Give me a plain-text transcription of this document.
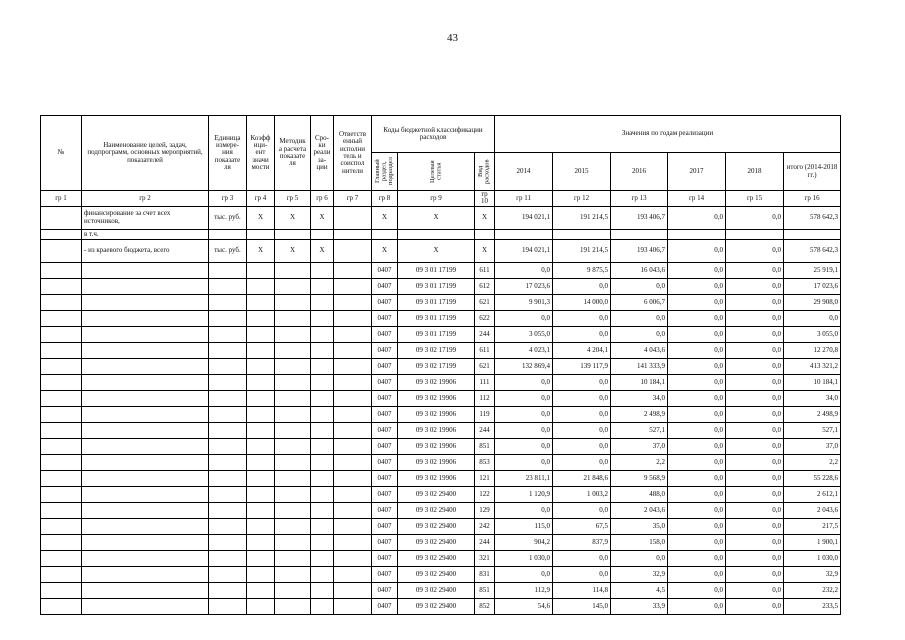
43
№	Наименование целей, задач, подпрограмм, основных мероприятий, показателей	Единица измере-ния показате ля	Коэфф ици-ент значи мости	Методик а расчета показате ля	Сро-ки реали за-ции	Ответств енный исполни тель и соиспол нители	Коды бюджетной классификации расходов			Значения по годам реализации					

							Главный раздел, подраздел	Целевая статья	Вид расходов	2014	2015	2016	2017	2018	итого (2014-2018 гг.)
гр 1	гр 2	гр 3	гр 4	гр 5	гр 6	гр 7	гр 8	гр 9	гр 10	гр 11	гр 12	гр 13	гр 14	гр 15	гр 16
	финансирование за счет всех источников,	тыс. руб.	Х	Х	Х		Х	Х	Х	194 021,1	191 214,5	193 406,7	0,0	0,0	578 642,3
	в т.ч.														
	- из краевого бюджета, всего	тыс. руб.	Х	Х	Х		Х	Х	Х	194 021,1	191 214,5	193 406,7	0,0	0,0	578 642,3
							0407	09 3 01 17199	611	0,0	9 875,5	16 043,6	0,0	0,0	25 919,1
							0407	09 3 01 17199	612	17 023,6	0,0	0,0	0,0	0,0	17 023,6
							0407	09 3 01 17199	621	9 901,3	14 000,0	6 006,7	0,0	0,0	29 908,0
							0407	09 3 01 17199	622	0,0	0,0	0,0	0,0	0,0	0,0
							0407	09 3 01 17199	244	3 055,0	0,0	0,0	0,0	0,0	3 055,0
							0407	09 3 02 17199	611	4 023,1	4 204,1	4 043,6	0,0	0,0	12 270,8
							0407	09 3 02 17199	621	132 869,4	139 117,9	141 333,9	0,0	0,0	413 321,2
							0407	09 3 02 19906	111	0,0	0,0	10 184,1	0,0	0,0	10 184,1
							0407	09 3 02 19906	112	0,0	0,0	34,0	0,0	0,0	34,0
							0407	09 3 02 19906	119	0,0	0,0	2 498,9	0,0	0,0	2 498,9
							0407	09 3 02 19906	244	0,0	0,0	527,1	0,0	0,0	527,1
							0407	09 3 02 19906	851	0,0	0,0	37,0	0,0	0,0	37,0
							0407	09 3 02 19906	853	0,0	0,0	2,2	0,0	0,0	2,2
							0407	09 3 02 19906	121	23 811,1	21 848,6	9 568,9	0,0	0,0	55 228,6
							0407	09 3 02 29400	122	1 120,9	1 003,2	488,0	0,0	0,0	2 612,1
							0407	09 3 02 29400	129	0,0	0,0	2 043,6	0,0	0,0	2 043,6
							0407	09 3 02 29400	242	115,0	67,5	35,0	0,0	0,0	217,5
							0407	09 3 02 29400	244	904,2	837,9	158,0	0,0	0,0	1 900,1
							0407	09 3 02 29400	321	1 030,0	0,0	0,0	0,0	0,0	1 030,0
							0407	09 3 02 29400	831	0,0	0,0	32,9	0,0	0,0	32,9
							0407	09 3 02 29400	851	112,9	114,8	4,5	0,0	0,0	232,2
							0407	09 3 02 29400	852	54,6	145,0	33,9	0,0	0,0	233,5
